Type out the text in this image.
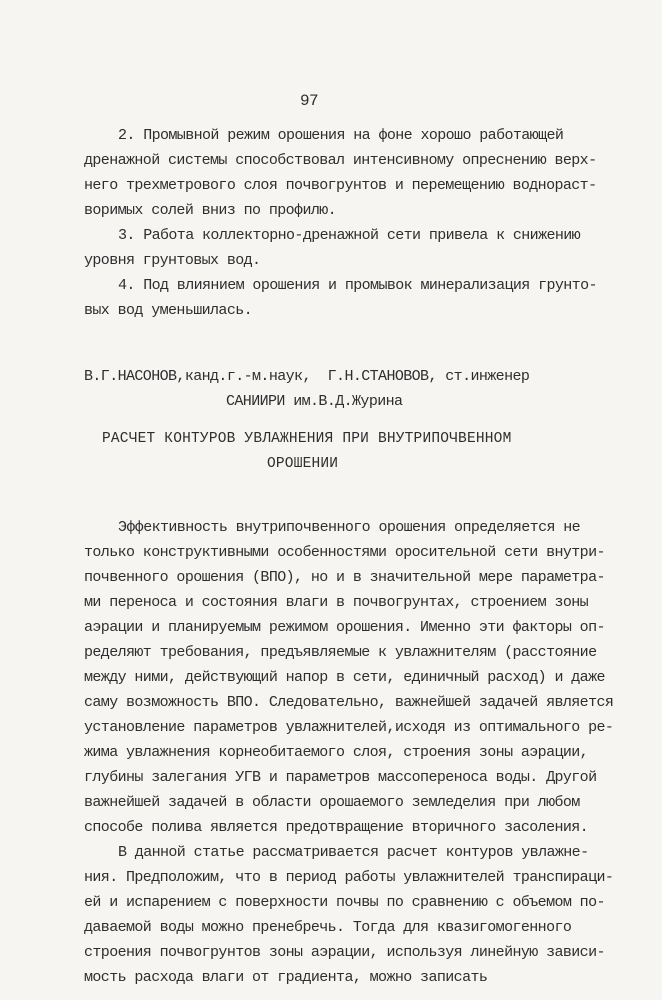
97
2. Промывной режим орошения на фоне хорошо работающей
дренажной системы способствовал интенсивному опреснению верх-
него трехметрового слоя почвогрунтов и перемещению воднораст-
воримых солей вниз по профилю.
3. Работа коллекторно-дренажной сети привела к снижению
уровня грунтовых вод.
4. Под влиянием орошения и промывок минерализация грунто-
вых вод уменьшилась.
В.Г.НАСОНОВ,канд.г.-м.наук,  Г.Н.СТАНОВОВ, ст.инженер
САНИИРИ им.В.Д.Журина
РАСЧЕТ КОНТУРОВ УВЛАЖНЕНИЯ ПРИ ВНУТРИПОЧВЕННОМ
ОРОШЕНИИ
Эффективность внутрипочвенного орошения определяется не
только конструктивными особенностями оросительной сети внутри-
почвенного орошения (ВПО), но и в значительной мере параметра-
ми переноса и состояния влаги в почвогрунтах, строением зоны
аэрации и планируемым режимом орошения. Именно эти факторы оп-
ределяют требования, предъявляемые к увлажнителям (расстояние
между ними, действующий напор в сети, единичный расход) и даже
саму возможность ВПО. Следовательно, важнейшей задачей является
установление параметров увлажнителей,исходя из оптимального ре-
жима увлажнения корнеобитаемого слоя, строения зоны аэрации,
глубины залегания УГВ и параметров массопереноса воды. Другой
важнейшей задачей в области орошаемого земледелия при любом
способе полива является предотвращение вторичного засоления.
В данной статье рассматривается расчет контуров увлажне-
ния. Предположим, что в период работы увлажнителей транспираци-
ей и испарением с поверхности почвы по сравнению с объемом по-
даваемой воды можно пренебречь. Тогда для квазигомогенного
строения почвогрунтов зоны аэрации, используя линейную зависи-
мость расхода влаги от градиента, можно записать
